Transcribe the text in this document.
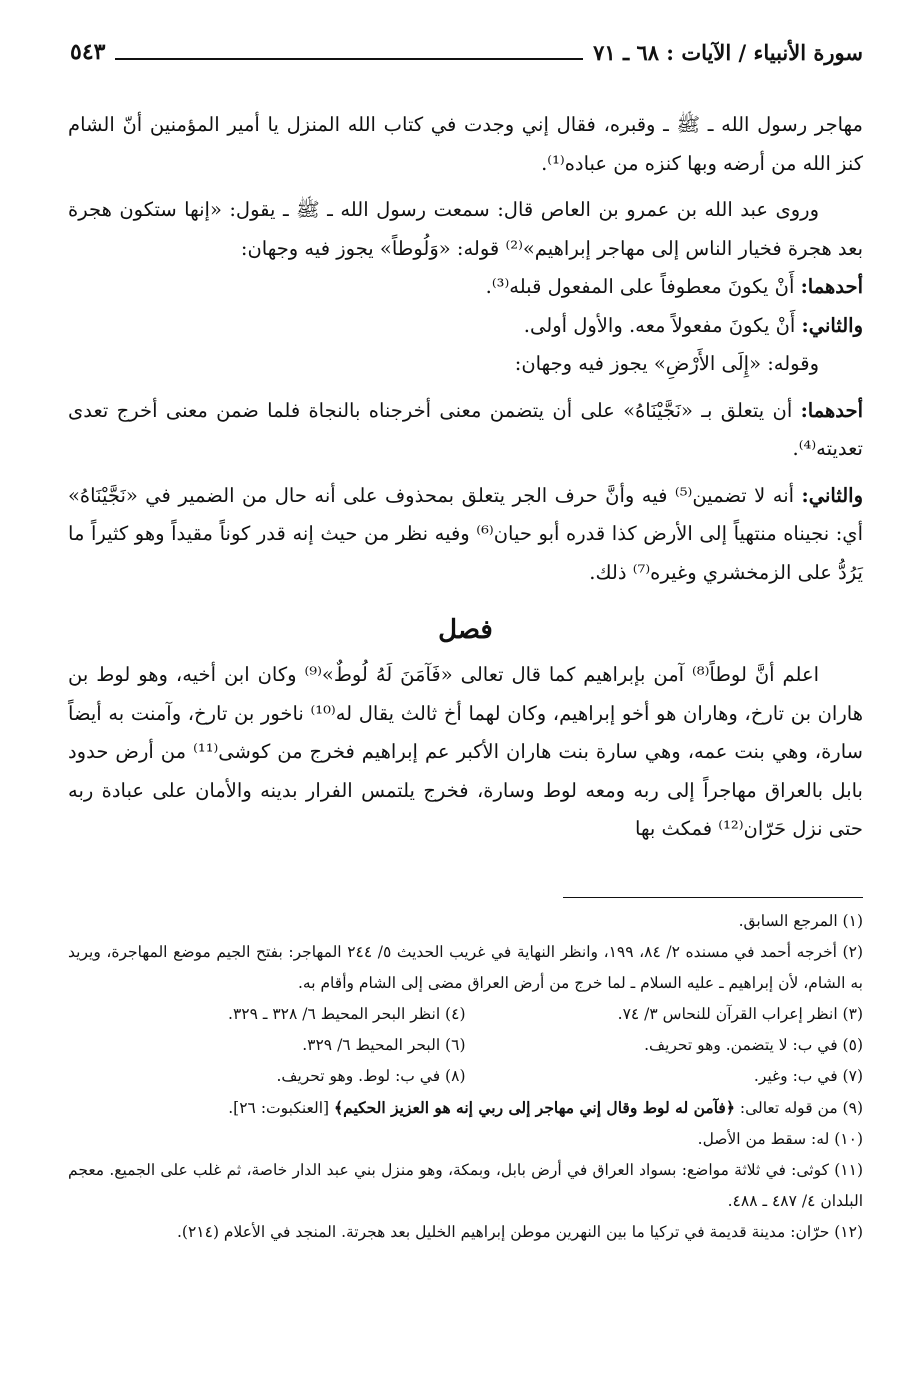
سورة الأنبياء / الآيات : ٦٨ ـ ٧١
٥٤٣

مهاجر رسول الله ـ ﷺ ـ وقبره، فقال إني وجدت في كتاب الله المنزل يا أمير المؤمنين أنّ الشام كنز الله من أرضه وبها كنزه من عباده⁽¹⁾.

وروى عبد الله بن عمرو بن العاص قال: سمعت رسول الله ـ ﷺ ـ يقول: «إنها ستكون هجرة بعد هجرة فخيار الناس إلى مهاجر إبراهيم»⁽²⁾ قوله: «وَلُوطاً» يجوز فيه وجهان:

أحدهما: أَنْ يكونَ معطوفاً على المفعول قبله⁽³⁾.

والثاني: أَنْ يكونَ مفعولاً معه. والأول أولى.

وقوله: «إِلَى الأَرْضِ» يجوز فيه وجهان:

أحدهما: أن يتعلق بـ «نَجَّيْنَاهُ» على أن يتضمن معنى أخرجناه بالنجاة فلما ضمن معنى أخرج تعدى تعديته⁽⁴⁾.

والثاني: أنه لا تضمين⁽⁵⁾ فيه وأنَّ حرف الجر يتعلق بمحذوف على أنه حال من الضمير في «نَجَّيْنَاهُ» أي: نجيناه منتهياً إلى الأرض كذا قدره أبو حيان⁽⁶⁾ وفيه نظر من حيث إنه قدر كوناً مقيداً وهو كثيراً ما يَرُدُّ على الزمخشري وغيره⁽⁷⁾ ذلك.

فصل

اعلم أنَّ لوطاً⁽⁸⁾ آمن بإبراهيم كما قال تعالى «فَآمَنَ لَهُ لُوطٌ»⁽⁹⁾ وكان ابن أخيه، وهو لوط بن هاران بن تارخ، وهاران هو أخو إبراهيم، وكان لهما أخ ثالث يقال له⁽¹⁰⁾ ناخور بن تارخ، وآمنت به أيضاً سارة، وهي بنت عمه، وهي سارة بنت هاران الأكبر عم إبراهيم فخرج من كوشى⁽¹¹⁾ من أرض حدود بابل بالعراق مهاجراً إلى ربه ومعه لوط وسارة، فخرج يلتمس الفرار بدينه والأمان على عبادة ربه حتى نزل حَرّان⁽¹²⁾ فمكث بها

(١) المرجع السابق.

(٢) أخرجه أحمد في مسنده ٢/ ٨٤، ١٩٩، وانظر النهاية في غريب الحديث ٥/ ٢٤٤ المهاجر: بفتح الجيم موضع المهاجرة، ويريد به الشام، لأن إبراهيم ـ عليه السلام ـ لما خرج من أرض العراق مضى إلى الشام وأقام به.

(٣) انظر إعراب القرآن للنحاس ٣/ ٧٤.
(٤) انظر البحر المحيط ٦/ ٣٢٨ ـ ٣٢٩.
(٥) في ب: لا يتضمن. وهو تحريف.
(٦) البحر المحيط ٦/ ٣٢٩.
(٧) في ب: وغير.
(٨) في ب: لوط. وهو تحريف.

(٩) من قوله تعالى: ﴿فآمن له لوط وقال إني مهاجر إلى ربي إنه هو العزيز الحكيم﴾ [العنكبوت: ٢٦].

(١٠) له: سقط من الأصل.

(١١) كوثى: في ثلاثة مواضع: بسواد العراق في أرض بابل، وبمكة، وهو منزل بني عبد الدار خاصة، ثم غلب على الجميع. معجم البلدان ٤/ ٤٨٧ ـ ٤٨٨.

(١٢) حرّان: مدينة قديمة في تركيا ما بين النهرين موطن إبراهيم الخليل بعد هجرتة. المنجد في الأعلام (٢١٤).
